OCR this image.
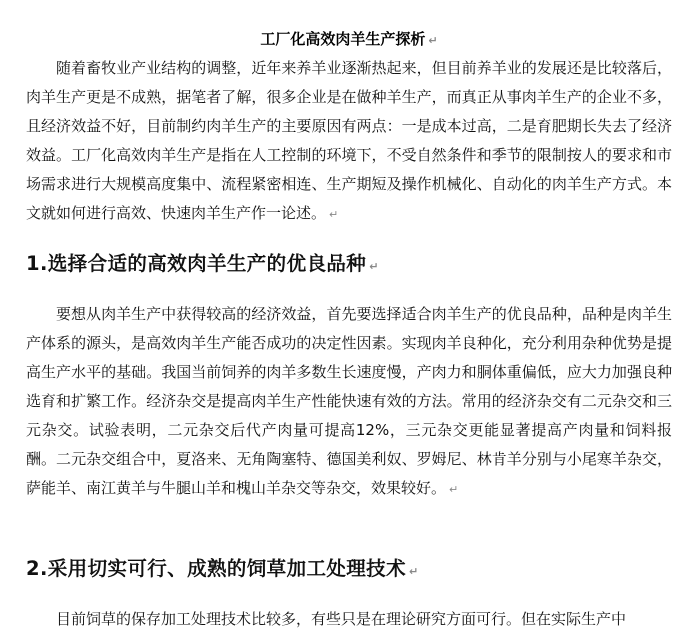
工厂化高效肉羊生产探析 ↵

随着畜牧业产业结构的调整，近年来养羊业逐渐热起来，但目前养羊业的发展还是比较落后，肉羊生产更是不成熟，据笔者了解，很多企业是在做种羊生产，而真正从事肉羊生产的企业不多，且经济效益不好，目前制约肉羊生产的主要原因有两点：一是成本过高，二是育肥期长失去了经济效益。工厂化高效肉羊生产是指在人工控制的环境下，不受自然条件和季节的限制按人的要求和市场需求进行大规模高度集中、流程紧密相连、生产期短及操作机械化、自动化的肉羊生产方式。本文就如何进行高效、快速肉羊生产作一论述。 ↵

1.选择合适的高效肉羊生产的优良品种 ↵

要想从肉羊生产中获得较高的经济效益，首先要选择适合肉羊生产的优良品种，品种是肉羊生产体系的源头，是高效肉羊生产能否成功的决定性因素。实现肉羊良种化，充分利用杂种优势是提高生产水平的基础。我国当前饲养的肉羊多数生长速度慢，产肉力和胴体重偏低，应大力加强良种选育和扩繁工作。经济杂交是提高肉羊生产性能快速有效的方法。常用的经济杂交有二元杂交和三元杂交。试验表明，二元杂交后代产肉量可提高12%，三元杂交更能显著提高产肉量和饲料报酬。二元杂交组合中，夏洛来、无角陶塞特、德国美利奴、罗姆尼、林肯羊分别与小尾寒羊杂交，萨能羊、南江黄羊与牛腿山羊和槐山羊杂交等杂交，效果较好。 ↵

2.采用切实可行、成熟的饲草加工处理技术 ↵

目前饲草的保存加工处理技术比较多，有些只是在理论研究方面可行。但在实际生产中
